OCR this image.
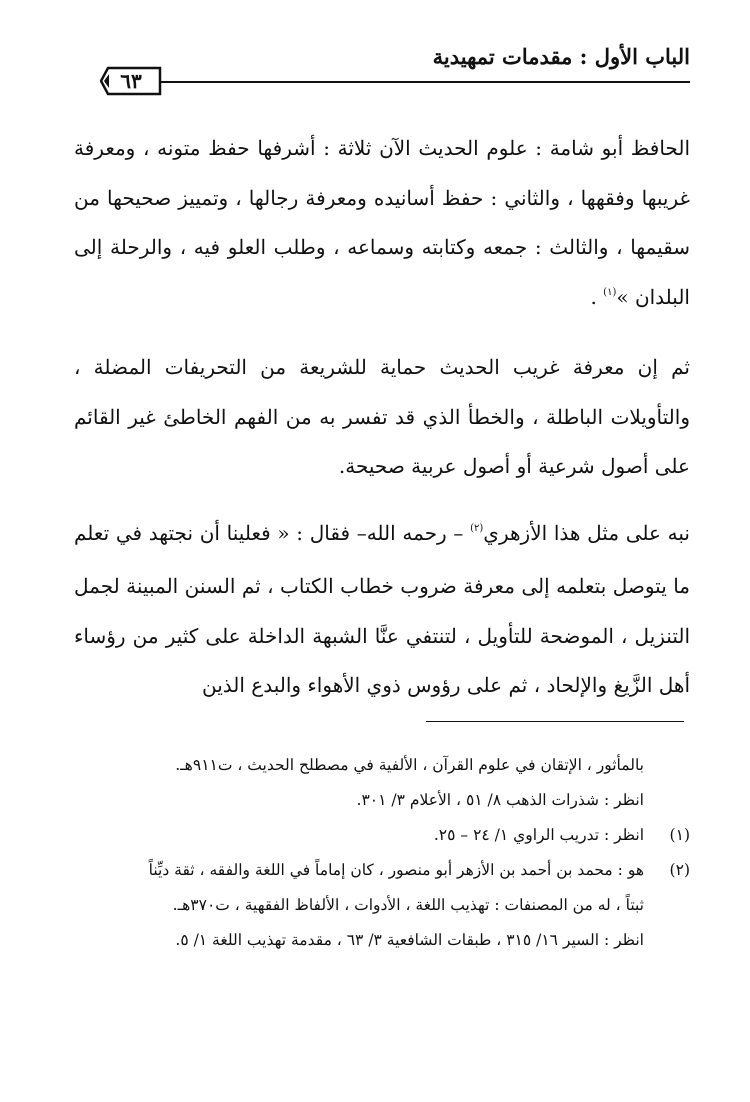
الباب الأول : مقدمات تمهيدية
٦٣

الحافظ أبو شامة : علوم الحديث الآن ثلاثة : أشرفها حفظ متونه ، ومعرفة غريبها وفقهها ، والثاني : حفظ أسانيده ومعرفة رجالها ، وتمييز صحيحها من سقيمها ، والثالث : جمعه وكتابته وسماعه ، وطلب العلو فيه ، والرحلة إلى البلدان »$^{(١)}$ .

ثم إن معرفة غريب الحديث حماية للشريعة من التحريفات المضلة ، والتأويلات الباطلة ، والخطأ الذي قد تفسر به من الفهم الخاطئ غير القائم على أصول شرعية أو أصول عربية صحيحة.

نبه على مثل هذا الأزهري$^{(٢)}$ – رحمه الله– فقال : « فعلينا أن نجتهد في تعلم ما يتوصل بتعلمه إلى معرفة ضروب خطاب الكتاب ، ثم السنن المبينة لجمل التنزيل ، الموضحة للتأويل ، لتنتفي عنَّا الشبهة الداخلة على كثير من رؤساء أهل الزَّيغ والإلحاد ، ثم على رؤوس ذوي الأهواء والبدع الذين

بالمأثور ، الإتقان في علوم القرآن ، الألفية في مصطلح الحديث ، ت٩١١هـ.
انظر : شذرات الذهب ٨/ ٥١ ، الأعلام ٣/ ٣٠١.
(١)
انظر : تدريب الراوي ١/ ٢٤ – ٢٥.
(٢)
هو : محمد بن أحمد بن الأزهر أبو منصور ، كان إماماً في اللغة والفقه ، ثقة ديِّناً
ثبتاً ، له من المصنفات : تهذيب اللغة ، الأدوات ، الألفاظ الفقهية ، ت٣٧٠هـ.
انظر : السير ١٦/ ٣١٥ ، طبقات الشافعية ٣/ ٦٣ ، مقدمة تهذيب اللغة ١/ ٥.
